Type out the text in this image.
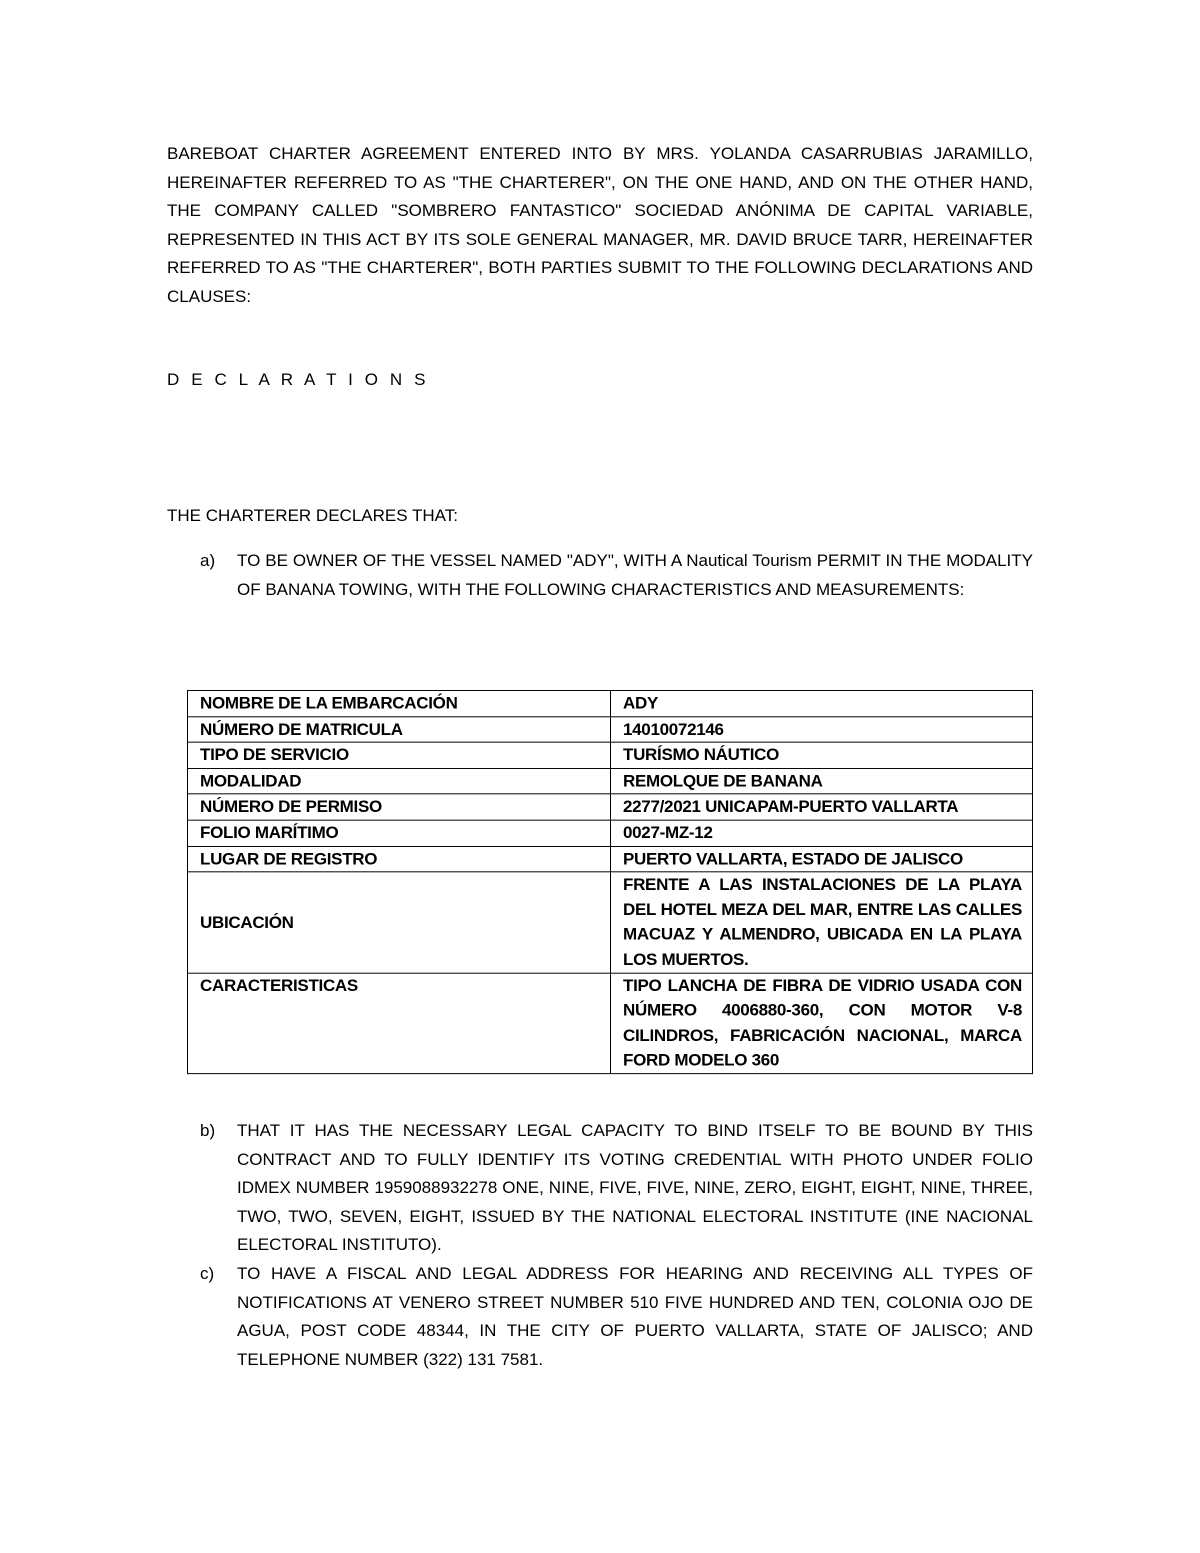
BAREBOAT CHARTER AGREEMENT ENTERED INTO BY MRS. YOLANDA CASARRUBIAS JARAMILLO, HEREINAFTER REFERRED TO AS "THE CHARTERER", ON THE ONE HAND, AND ON THE OTHER HAND, THE COMPANY CALLED "SOMBRERO FANTASTICO" SOCIEDAD ANÓNIMA DE CAPITAL VARIABLE, REPRESENTED IN THIS ACT BY ITS SOLE GENERAL MANAGER, MR. DAVID BRUCE TARR, HEREINAFTER REFERRED TO AS "THE CHARTERER", BOTH PARTIES SUBMIT TO THE FOLLOWING DECLARATIONS AND CLAUSES:

D E C L A R A T I O N S

THE CHARTERER DECLARES THAT:

a)	TO BE OWNER OF THE VESSEL NAMED "ADY", WITH A Nautical Tourism PERMIT IN THE MODALITY OF BANANA TOWING, WITH THE FOLLOWING CHARACTERISTICS AND MEASUREMENTS:
NOMBRE DE LA EMBARCACIÓN	ADY
NÚMERO DE MATRICULA	14010072146
TIPO DE SERVICIO	TURÍSMO NÁUTICO
MODALIDAD	REMOLQUE DE BANANA
NÚMERO DE PERMISO	2277/2021 UNICAPAM-PUERTO VALLARTA
FOLIO MARÍTIMO	0027-MZ-12
LUGAR DE REGISTRO	PUERTO VALLARTA, ESTADO DE JALISCO
UBICACIÓN	FRENTE A LAS INSTALACIONES DE LA PLAYA DEL HOTEL MEZA DEL MAR, ENTRE LAS CALLES MACUAZ Y ALMENDRO, UBICADA EN LA PLAYA LOS MUERTOS.
CARACTERISTICAS	TIPO LANCHA DE FIBRA DE VIDRIO USADA CON NÚMERO 4006880-360, CON MOTOR V-8 CILINDROS, FABRICACIÓN NACIONAL, MARCA FORD MODELO 360
b)	THAT IT HAS THE NECESSARY LEGAL CAPACITY TO BIND ITSELF TO BE BOUND BY THIS CONTRACT AND TO FULLY IDENTIFY ITS VOTING CREDENTIAL WITH PHOTO UNDER FOLIO IDMEX NUMBER 1959088932278 ONE, NINE, FIVE, FIVE, NINE, ZERO, EIGHT, EIGHT, NINE, THREE, TWO, TWO, SEVEN, EIGHT, ISSUED BY THE NATIONAL ELECTORAL INSTITUTE (INE NACIONAL ELECTORAL INSTITUTO).
c)	TO HAVE A FISCAL AND LEGAL ADDRESS FOR HEARING AND RECEIVING ALL TYPES OF NOTIFICATIONS AT VENERO STREET NUMBER 510 FIVE HUNDRED AND TEN, COLONIA OJO DE AGUA, POST CODE 48344, IN THE CITY OF PUERTO VALLARTA, STATE OF JALISCO; AND TELEPHONE NUMBER (322) 131 7581.
